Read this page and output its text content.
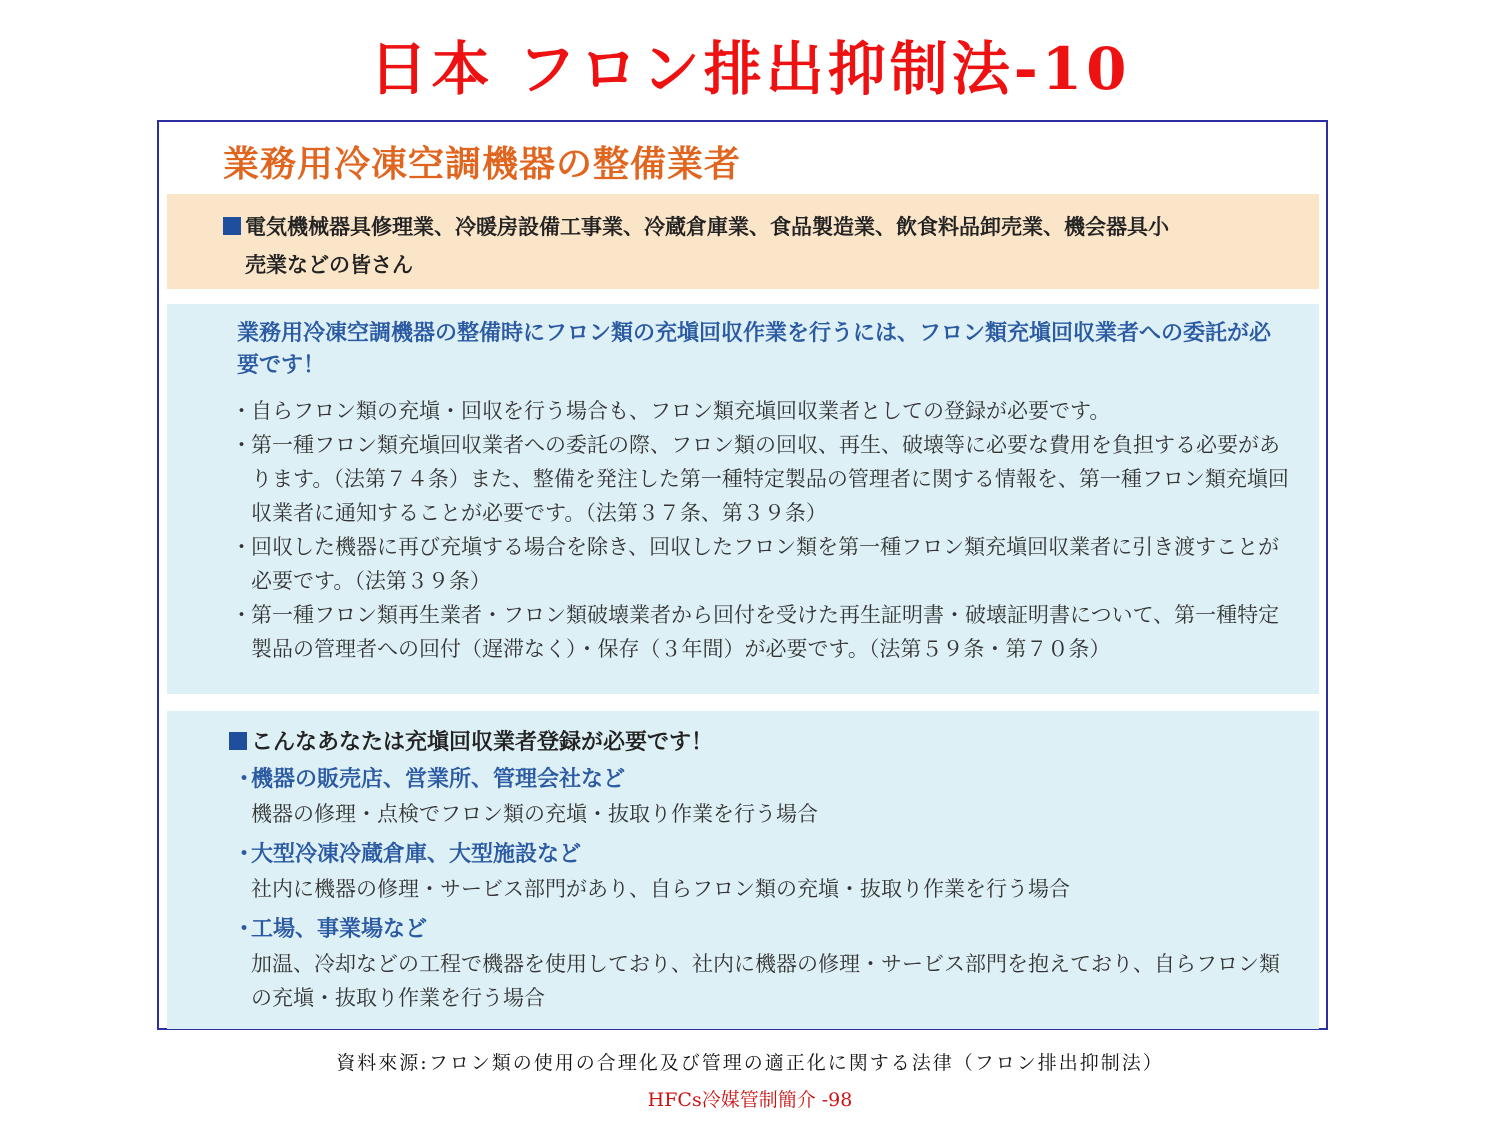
日本 フロン排出抑制法-10
業務用冷凍空調機器の整備業者
電気機械器具修理業、冷暖房設備工事業、冷蔵倉庫業、食品製造業、飲食料品卸売業、機会器具小
売業などの皆さん
業務用冷凍空調機器の整備時にフロン類の充塡回収作業を行うには、フロン類充塡回収業者への委託が必要です！
・ 自らフロン類の充塡・回収を行う場合も、フロン類充塡回収業者としての登録が必要です。
・ 第一種フロン類充塡回収業者への委託の際、フロン類の回収、再生、破壊等に必要な費用を負担する必要があります。（法第７４条）また、整備を発注した第一種特定製品の管理者に関する情報を、第一種フロン類充塡回収業者に通知することが必要です。（法第３７条、第３９条）
・ 回収した機器に再び充塡する場合を除き、回収したフロン類を第一種フロン類充塡回収業者に引き渡すことが必要です。（法第３９条）
・ 第一種フロン類再生業者・フロン類破壊業者から回付を受けた再生証明書・破壊証明書について、第一種特定製品の管理者への回付（遅滞なく）・保存（３年間）が必要です。（法第５９条・第７０条）
こんなあなたは充塡回収業者登録が必要です！
・
機器の販売店、営業所、管理会社など
機器の修理・点検でフロン類の充塡・抜取り作業を行う場合
・
大型冷凍冷蔵倉庫、大型施設など
社内に機器の修理・サービス部門があり、自らフロン類の充塡・抜取り作業を行う場合
・
工場、事業場など
加温、冷却などの工程で機器を使用しており、社内に機器の修理・サービス部門を抱えており、自らフロン類の充塡・抜取り作業を行う場合
資料來源:フロン類の使用の合理化及び管理の適正化に関する法律（フロン排出抑制法）
HFCs冷媒管制簡介 -98
